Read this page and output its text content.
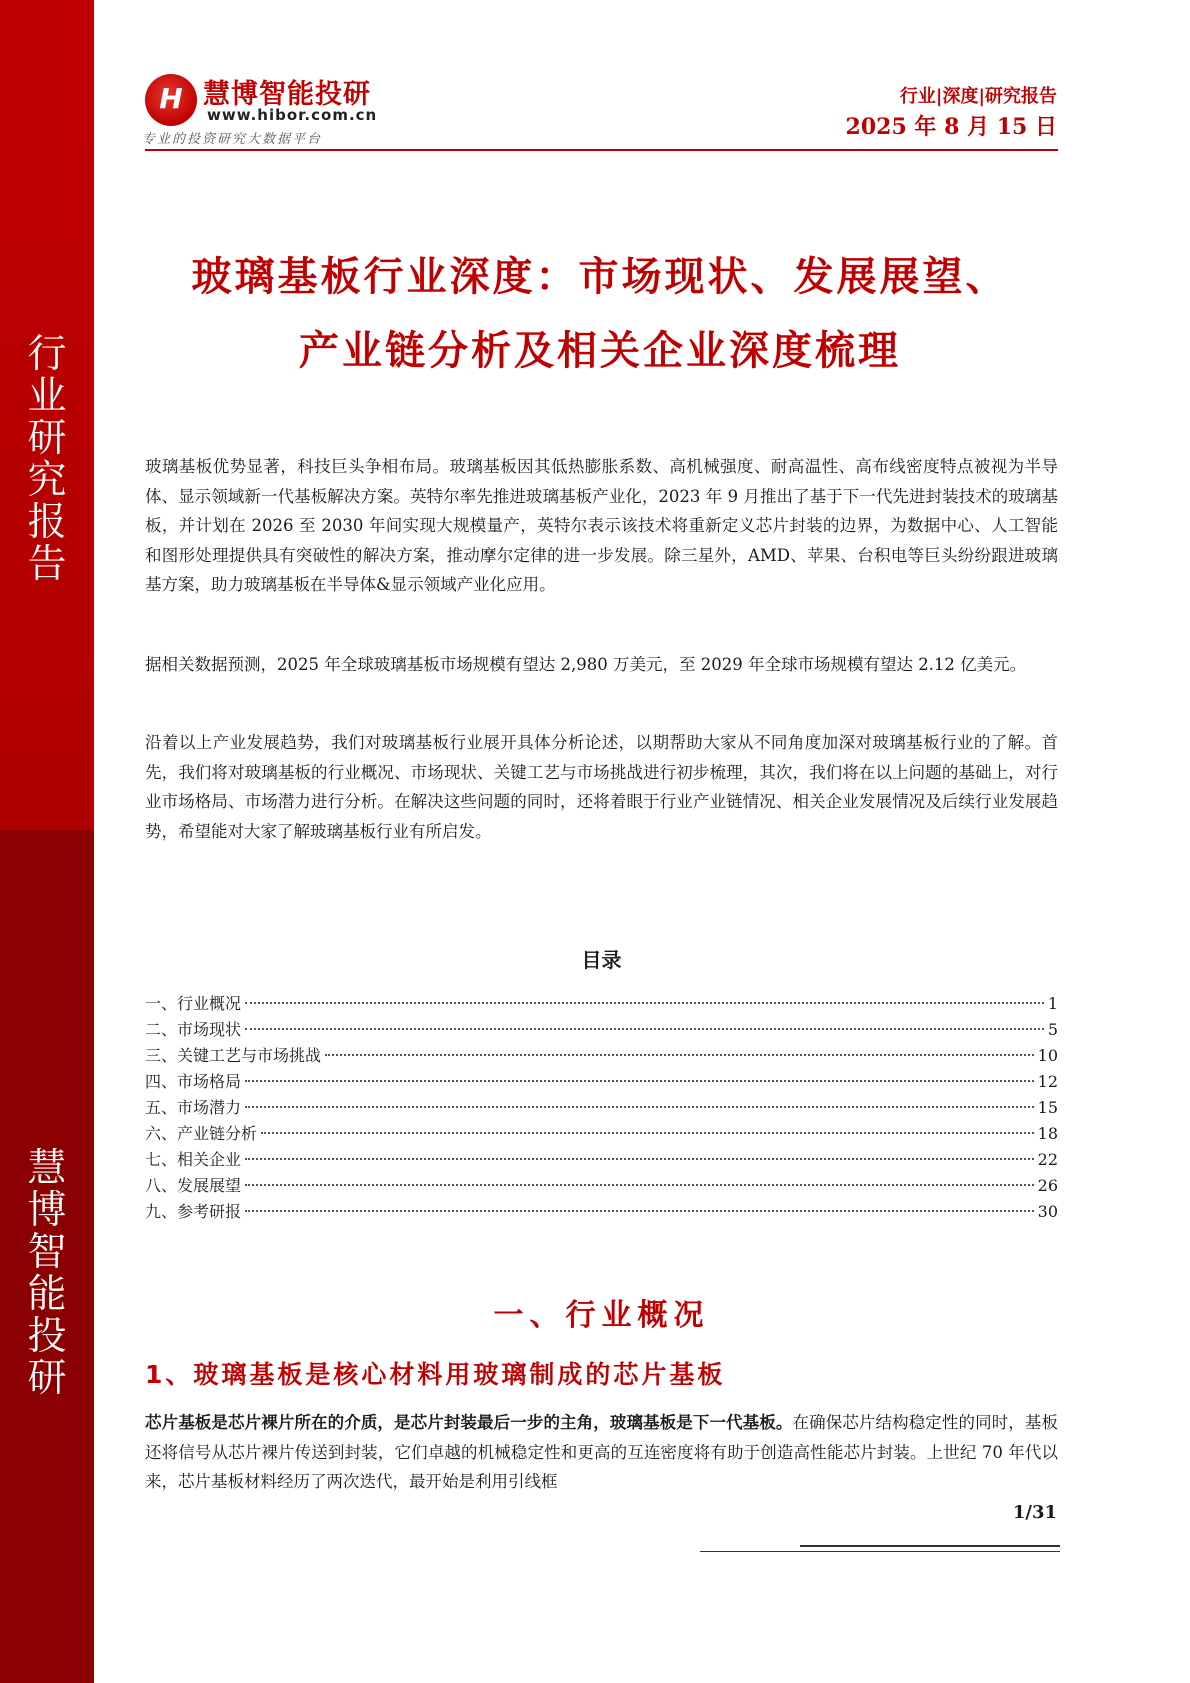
行
业
研
究
报
告
慧
博
智
能
投
研
H 慧博智能投研
www.hibor.com.cn
专业的投资研究大数据平台
行业|深度|研究报告
2025 年 8 月 15 日
玻璃基板行业深度：市场现状、发展展望、
产业链分析及相关企业深度梳理
玻璃基板优势显著，科技巨头争相布局。玻璃基板因其低热膨胀系数、高机械强度、耐高温性、高布线密度特点被视为半导体、显示领域新一代基板解决方案。英特尔率先推进玻璃基板产业化，2023 年 9 月推出了基于下一代先进封装技术的玻璃基板，并计划在 2026 至 2030 年间实现大规模量产，英特尔表示该技术将重新定义芯片封装的边界，为数据中心、人工智能和图形处理提供具有突破性的解决方案，推动摩尔定律的进一步发展。除三星外，AMD、苹果、台积电等巨头纷纷跟进玻璃基方案，助力玻璃基板在半导体&显示领域产业化应用。
据相关数据预测，2025 年全球玻璃基板市场规模有望达 2,980 万美元，至 2029 年全球市场规模有望达 2.12 亿美元。
沿着以上产业发展趋势，我们对玻璃基板行业展开具体分析论述，以期帮助大家从不同角度加深对玻璃基板行业的了解。首先，我们将对玻璃基板的行业概况、市场现状、关键工艺与市场挑战进行初步梳理，其次，我们将在以上问题的基础上，对行业市场格局、市场潜力进行分析。在解决这些问题的同时，还将着眼于行业产业链情况、相关企业发展情况及后续行业发展趋势，希望能对大家了解玻璃基板行业有所启发。
目录
一、行业概况	1
二、市场现状	5
三、关键工艺与市场挑战	10
四、市场格局	12
五、市场潜力	15
六、产业链分析	18
七、相关企业	22
八、发展展望	26
九、参考研报	30
一、行业概况
1、玻璃基板是核心材料用玻璃制成的芯片基板
芯片基板是芯片裸片所在的介质，是芯片封装最后一步的主角，玻璃基板是下一代基板。在确保芯片结构稳定性的同时，基板还将信号从芯片裸片传送到封装，它们卓越的机械稳定性和更高的互连密度将有助于创造高性能芯片封装。上世纪 70 年代以来，芯片基板材料经历了两次迭代，最开始是利用引线框
1/31
